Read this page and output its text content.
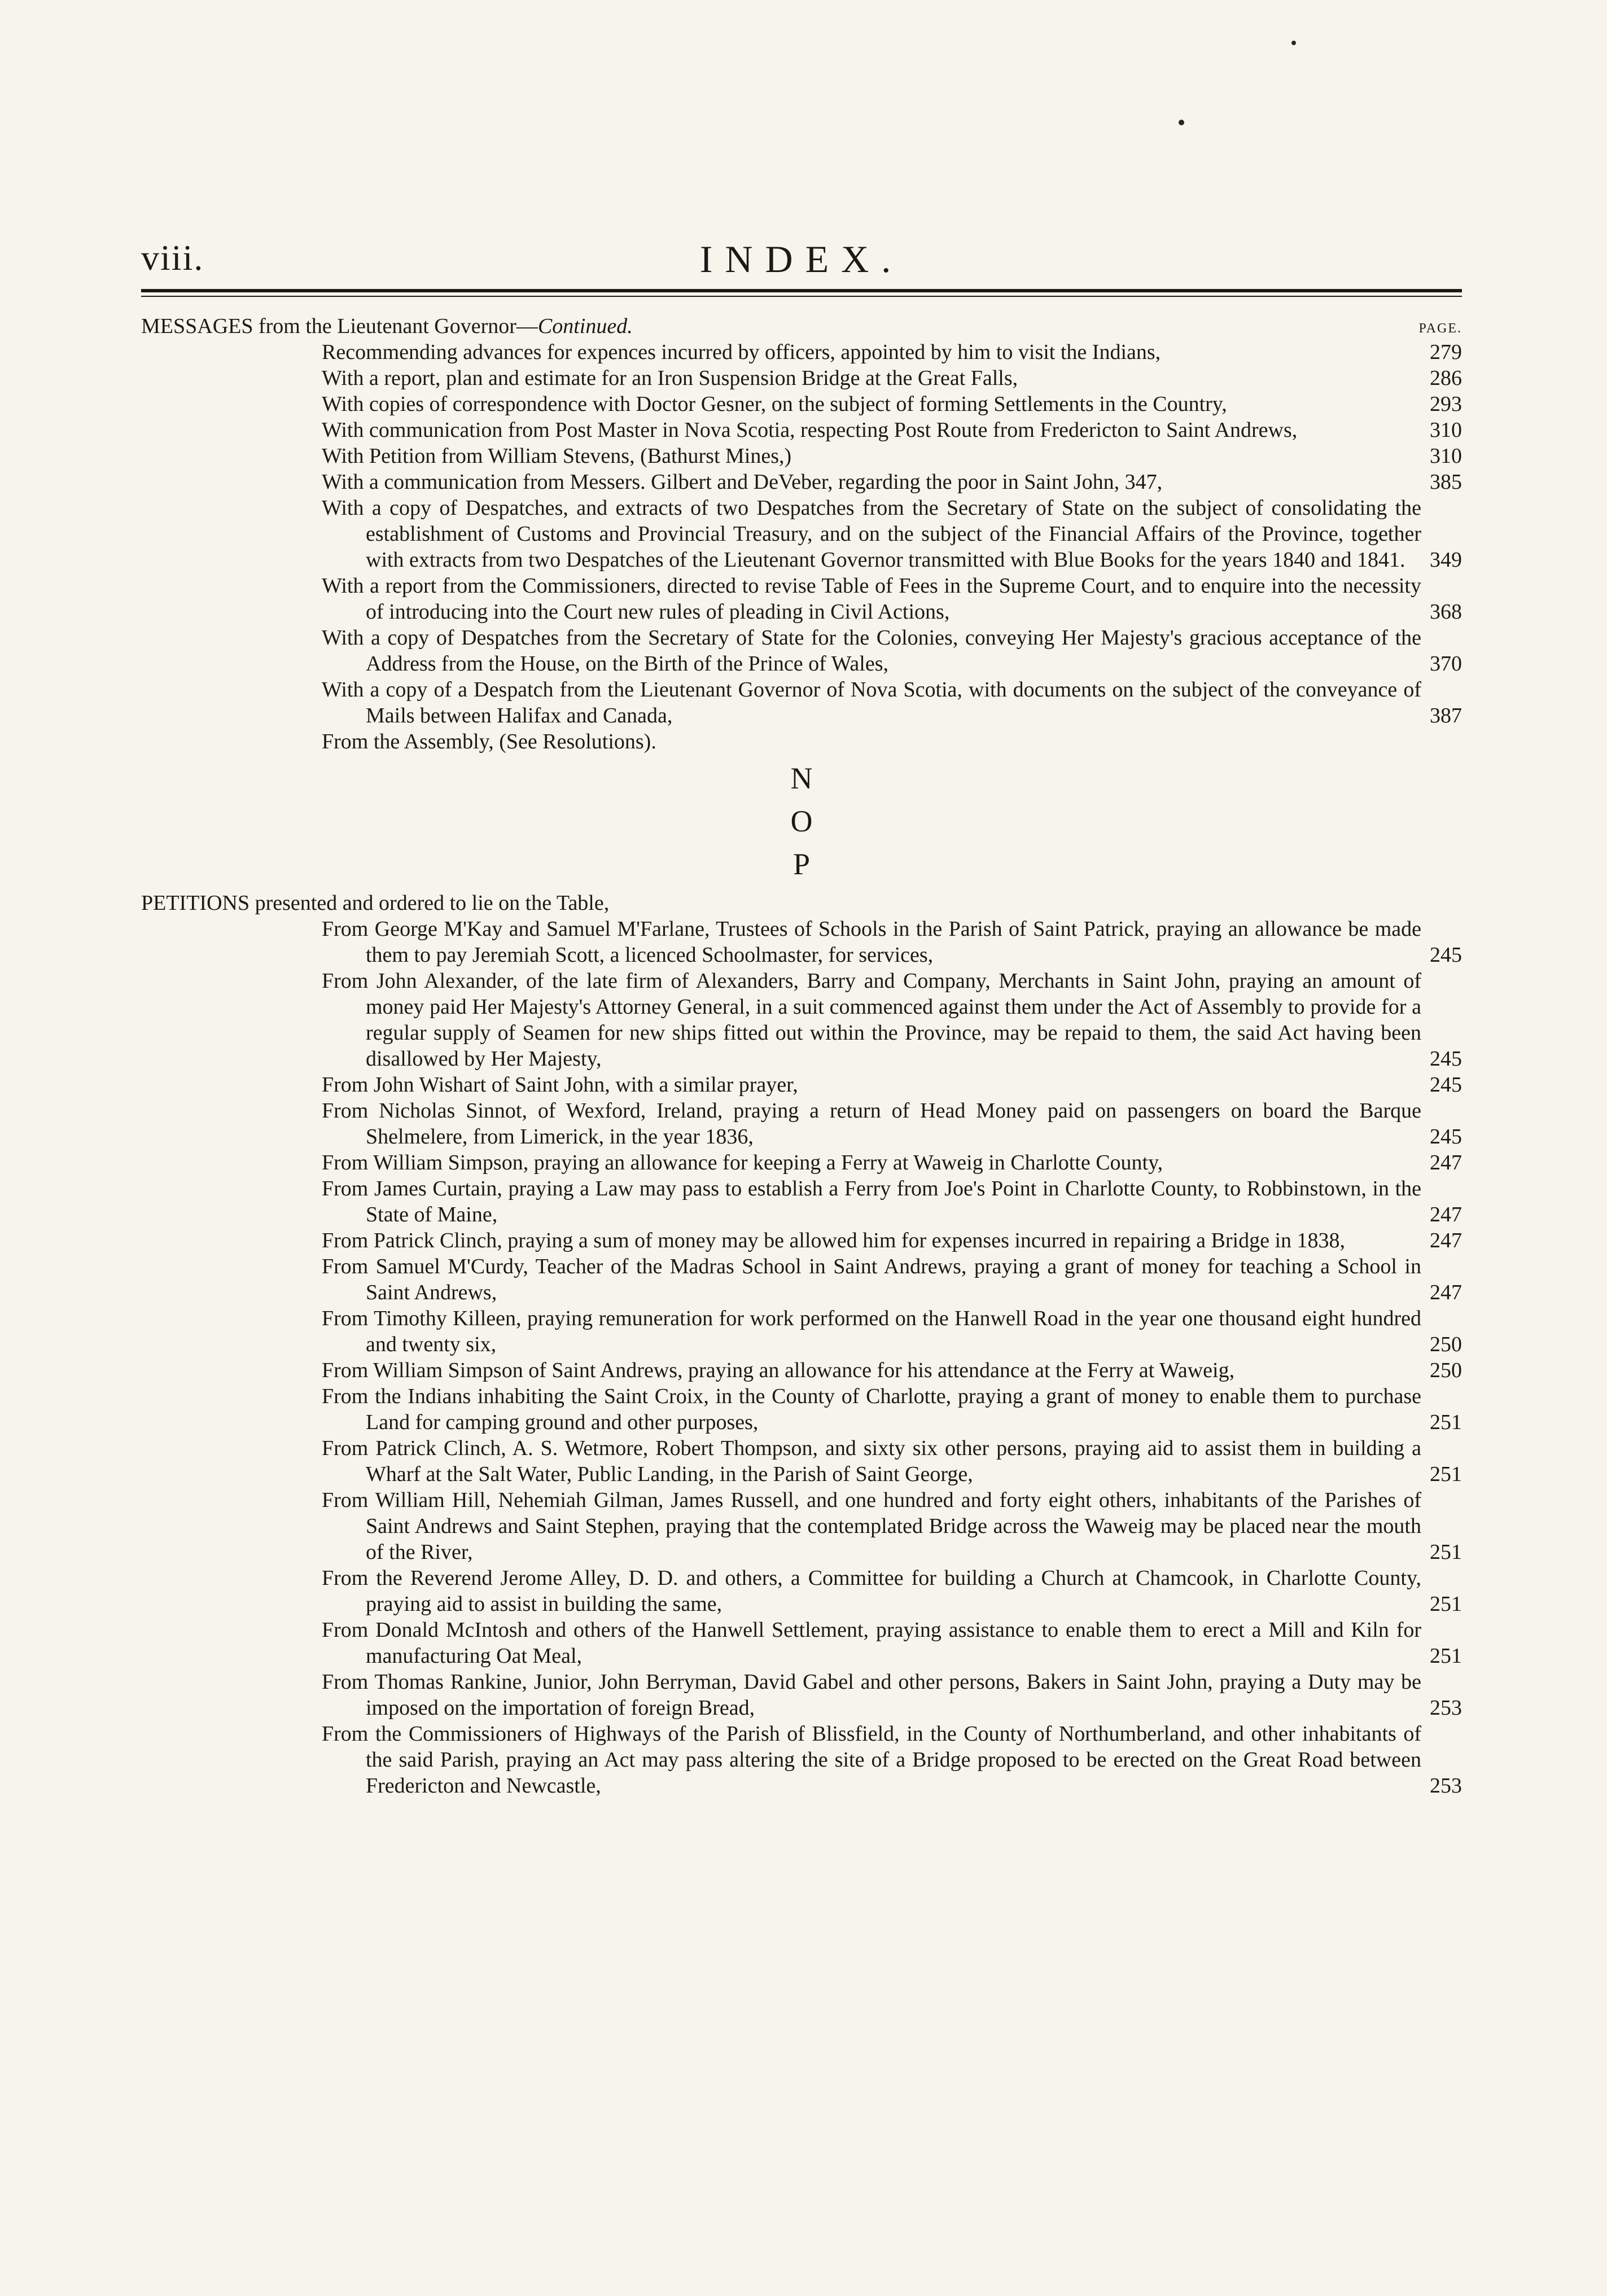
viii.	INDEX.
MESSAGES from the Lieutenant Governor—Continued.	PAGE.
Recommending advances for expences incurred by officers, appointed by him to visit the Indians,	279
With a report, plan and estimate for an Iron Suspension Bridge at the Great Falls,	286
With copies of correspondence with Doctor Gesner, on the subject of forming Settlements in the Country,	293
With communication from Post Master in Nova Scotia, respecting Post Route from Fredericton to Saint Andrews,	310
With Petition from William Stevens, (Bathurst Mines,)	310
With a communication from Messers. Gilbert and DeVeber, regarding the poor in Saint John, 347,	385
With a copy of Despatches, and extracts of two Despatches from the Secretary of State on the subject of consolidating the establishment of Customs and Provincial Treasury, and on the subject of the Financial Affairs of the Province, together with extracts from two Despatches of the Lieutenant Governor transmitted with Blue Books for the years 1840 and 1841.	349
With a report from the Commissioners, directed to revise Table of Fees in the Supreme Court, and to enquire into the necessity of introducing into the Court new rules of pleading in Civil Actions,	368
With a copy of Despatches from the Secretary of State for the Colonies, conveying Her Majesty's gracious acceptance of the Address from the House, on the Birth of the Prince of Wales,	370
With a copy of a Despatch from the Lieutenant Governor of Nova Scotia, with documents on the subject of the conveyance of Mails between Halifax and Canada,	387
From the Assembly, (See Resolutions).
N
O
P
PETITIONS presented and ordered to lie on the Table,
From George M'Kay and Samuel M'Farlane, Trustees of Schools in the Parish of Saint Patrick, praying an allowance be made them to pay Jeremiah Scott, a licenced Schoolmaster, for services,	245
From John Alexander, of the late firm of Alexanders, Barry and Company, Merchants in Saint John, praying an amount of money paid Her Majesty's Attorney General, in a suit commenced against them under the Act of Assembly to provide for a regular supply of Seamen for new ships fitted out within the Province, may be repaid to them, the said Act having been disallowed by Her Majesty,	245
From John Wishart of Saint John, with a similar prayer,	245
From Nicholas Sinnot, of Wexford, Ireland, praying a return of Head Money paid on passengers on board the Barque Shelmelere, from Limerick, in the year 1836,	245
From William Simpson, praying an allowance for keeping a Ferry at Waweig in Charlotte County,	247
From James Curtain, praying a Law may pass to establish a Ferry from Joe's Point in Charlotte County, to Robbinstown, in the State of Maine,	247
From Patrick Clinch, praying a sum of money may be allowed him for expenses incurred in repairing a Bridge in 1838,	247
From Samuel M'Curdy, Teacher of the Madras School in Saint Andrews, praying a grant of money for teaching a School in Saint Andrews,	247
From Timothy Killeen, praying remuneration for work performed on the Hanwell Road in the year one thousand eight hundred and twenty six,	250
From William Simpson of Saint Andrews, praying an allowance for his attendance at the Ferry at Waweig,	250
From the Indians inhabiting the Saint Croix, in the County of Charlotte, praying a grant of money to enable them to purchase Land for camping ground and other purposes,	251
From Patrick Clinch, A. S. Wetmore, Robert Thompson, and sixty six other persons, praying aid to assist them in building a Wharf at the Salt Water, Public Landing, in the Parish of Saint George,	251
From William Hill, Nehemiah Gilman, James Russell, and one hundred and forty eight others, inhabitants of the Parishes of Saint Andrews and Saint Stephen, praying that the contemplated Bridge across the Waweig may be placed near the mouth of the River,	251
From the Reverend Jerome Alley, D. D. and others, a Committee for building a Church at Chamcook, in Charlotte County, praying aid to assist in building the same,	251
From Donald McIntosh and others of the Hanwell Settlement, praying assistance to enable them to erect a Mill and Kiln for manufacturing Oat Meal,	251
From Thomas Rankine, Junior, John Berryman, David Gabel and other persons, Bakers in Saint John, praying a Duty may be imposed on the importation of foreign Bread,	253
From the Commissioners of Highways of the Parish of Blissfield, in the County of Northumberland, and other inhabitants of the said Parish, praying an Act may pass altering the site of a Bridge proposed to be erected on the Great Road between Fredericton and Newcastle,	253
